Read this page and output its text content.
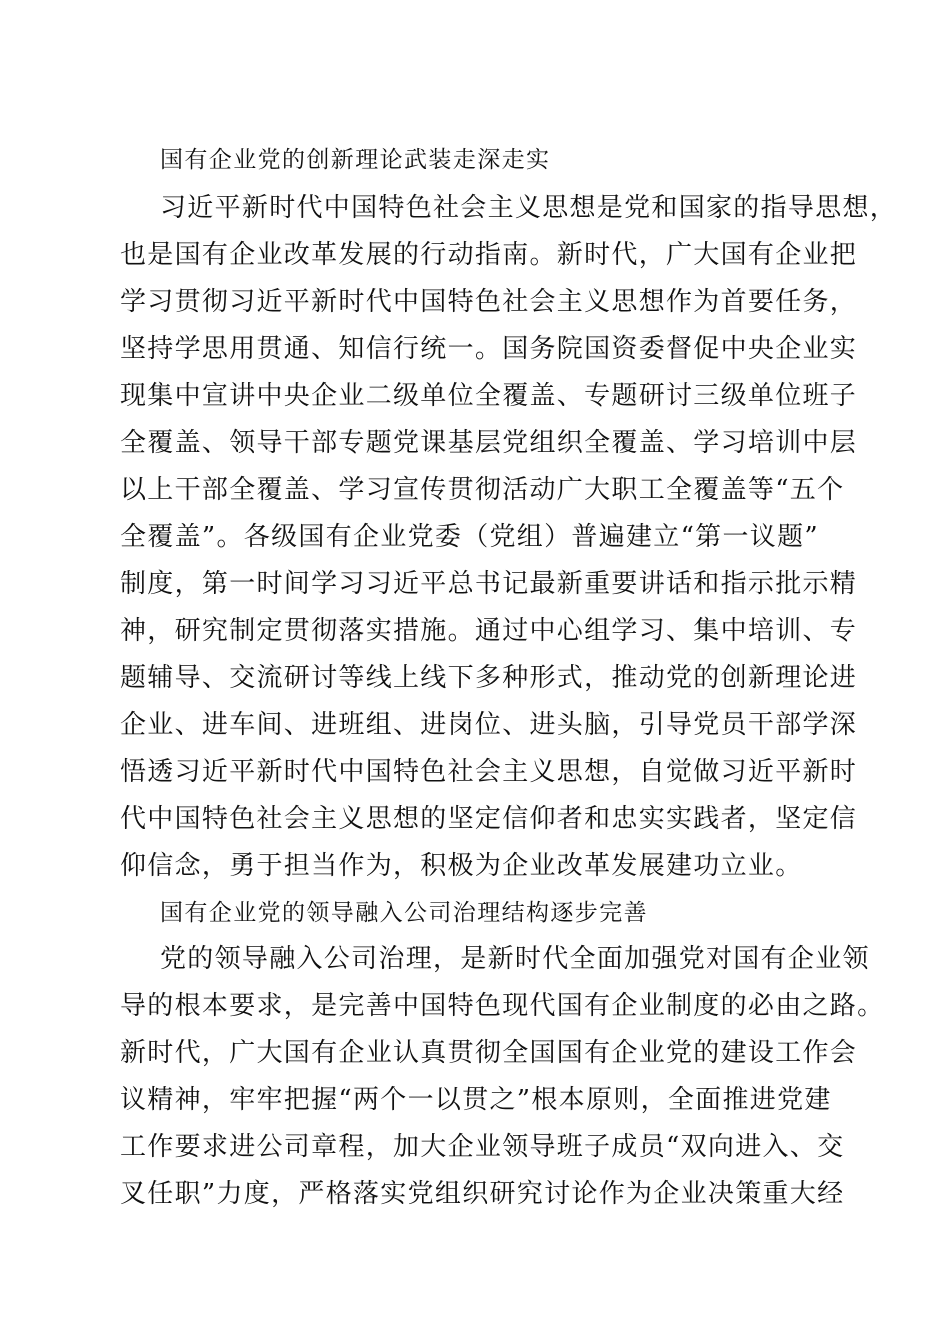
国有企业党的创新理论武装走深走实
习近平新时代中国特色社会主义思想是党和国家的指导思想，
也是国有企业改革发展的行动指南。新时代，广大国有企业把
学习贯彻习近平新时代中国特色社会主义思想作为首要任务，
坚持学思用贯通、知信行统一。国务院国资委督促中央企业实
现集中宣讲中央企业二级单位全覆盖、专题研讨三级单位班子
全覆盖、领导干部专题党课基层党组织全覆盖、学习培训中层
以上干部全覆盖、学习宣传贯彻活动广大职工全覆盖等“五个
全覆盖”。各级国有企业党委（党组）普遍建立“第一议题”
制度，第一时间学习习近平总书记最新重要讲话和指示批示精
神，研究制定贯彻落实措施。通过中心组学习、集中培训、专
题辅导、交流研讨等线上线下多种形式，推动党的创新理论进
企业、进车间、进班组、进岗位、进头脑，引导党员干部学深
悟透习近平新时代中国特色社会主义思想，自觉做习近平新时
代中国特色社会主义思想的坚定信仰者和忠实实践者，坚定信
仰信念，勇于担当作为，积极为企业改革发展建功立业。
国有企业党的领导融入公司治理结构逐步完善
党的领导融入公司治理，是新时代全面加强党对国有企业领
导的根本要求，是完善中国特色现代国有企业制度的必由之路。
新时代，广大国有企业认真贯彻全国国有企业党的建设工作会
议精神，牢牢把握“两个一以贯之”根本原则，全面推进党建
工作要求进公司章程，加大企业领导班子成员“双向进入、交
叉任职”力度，严格落实党组织研究讨论作为企业决策重大经
